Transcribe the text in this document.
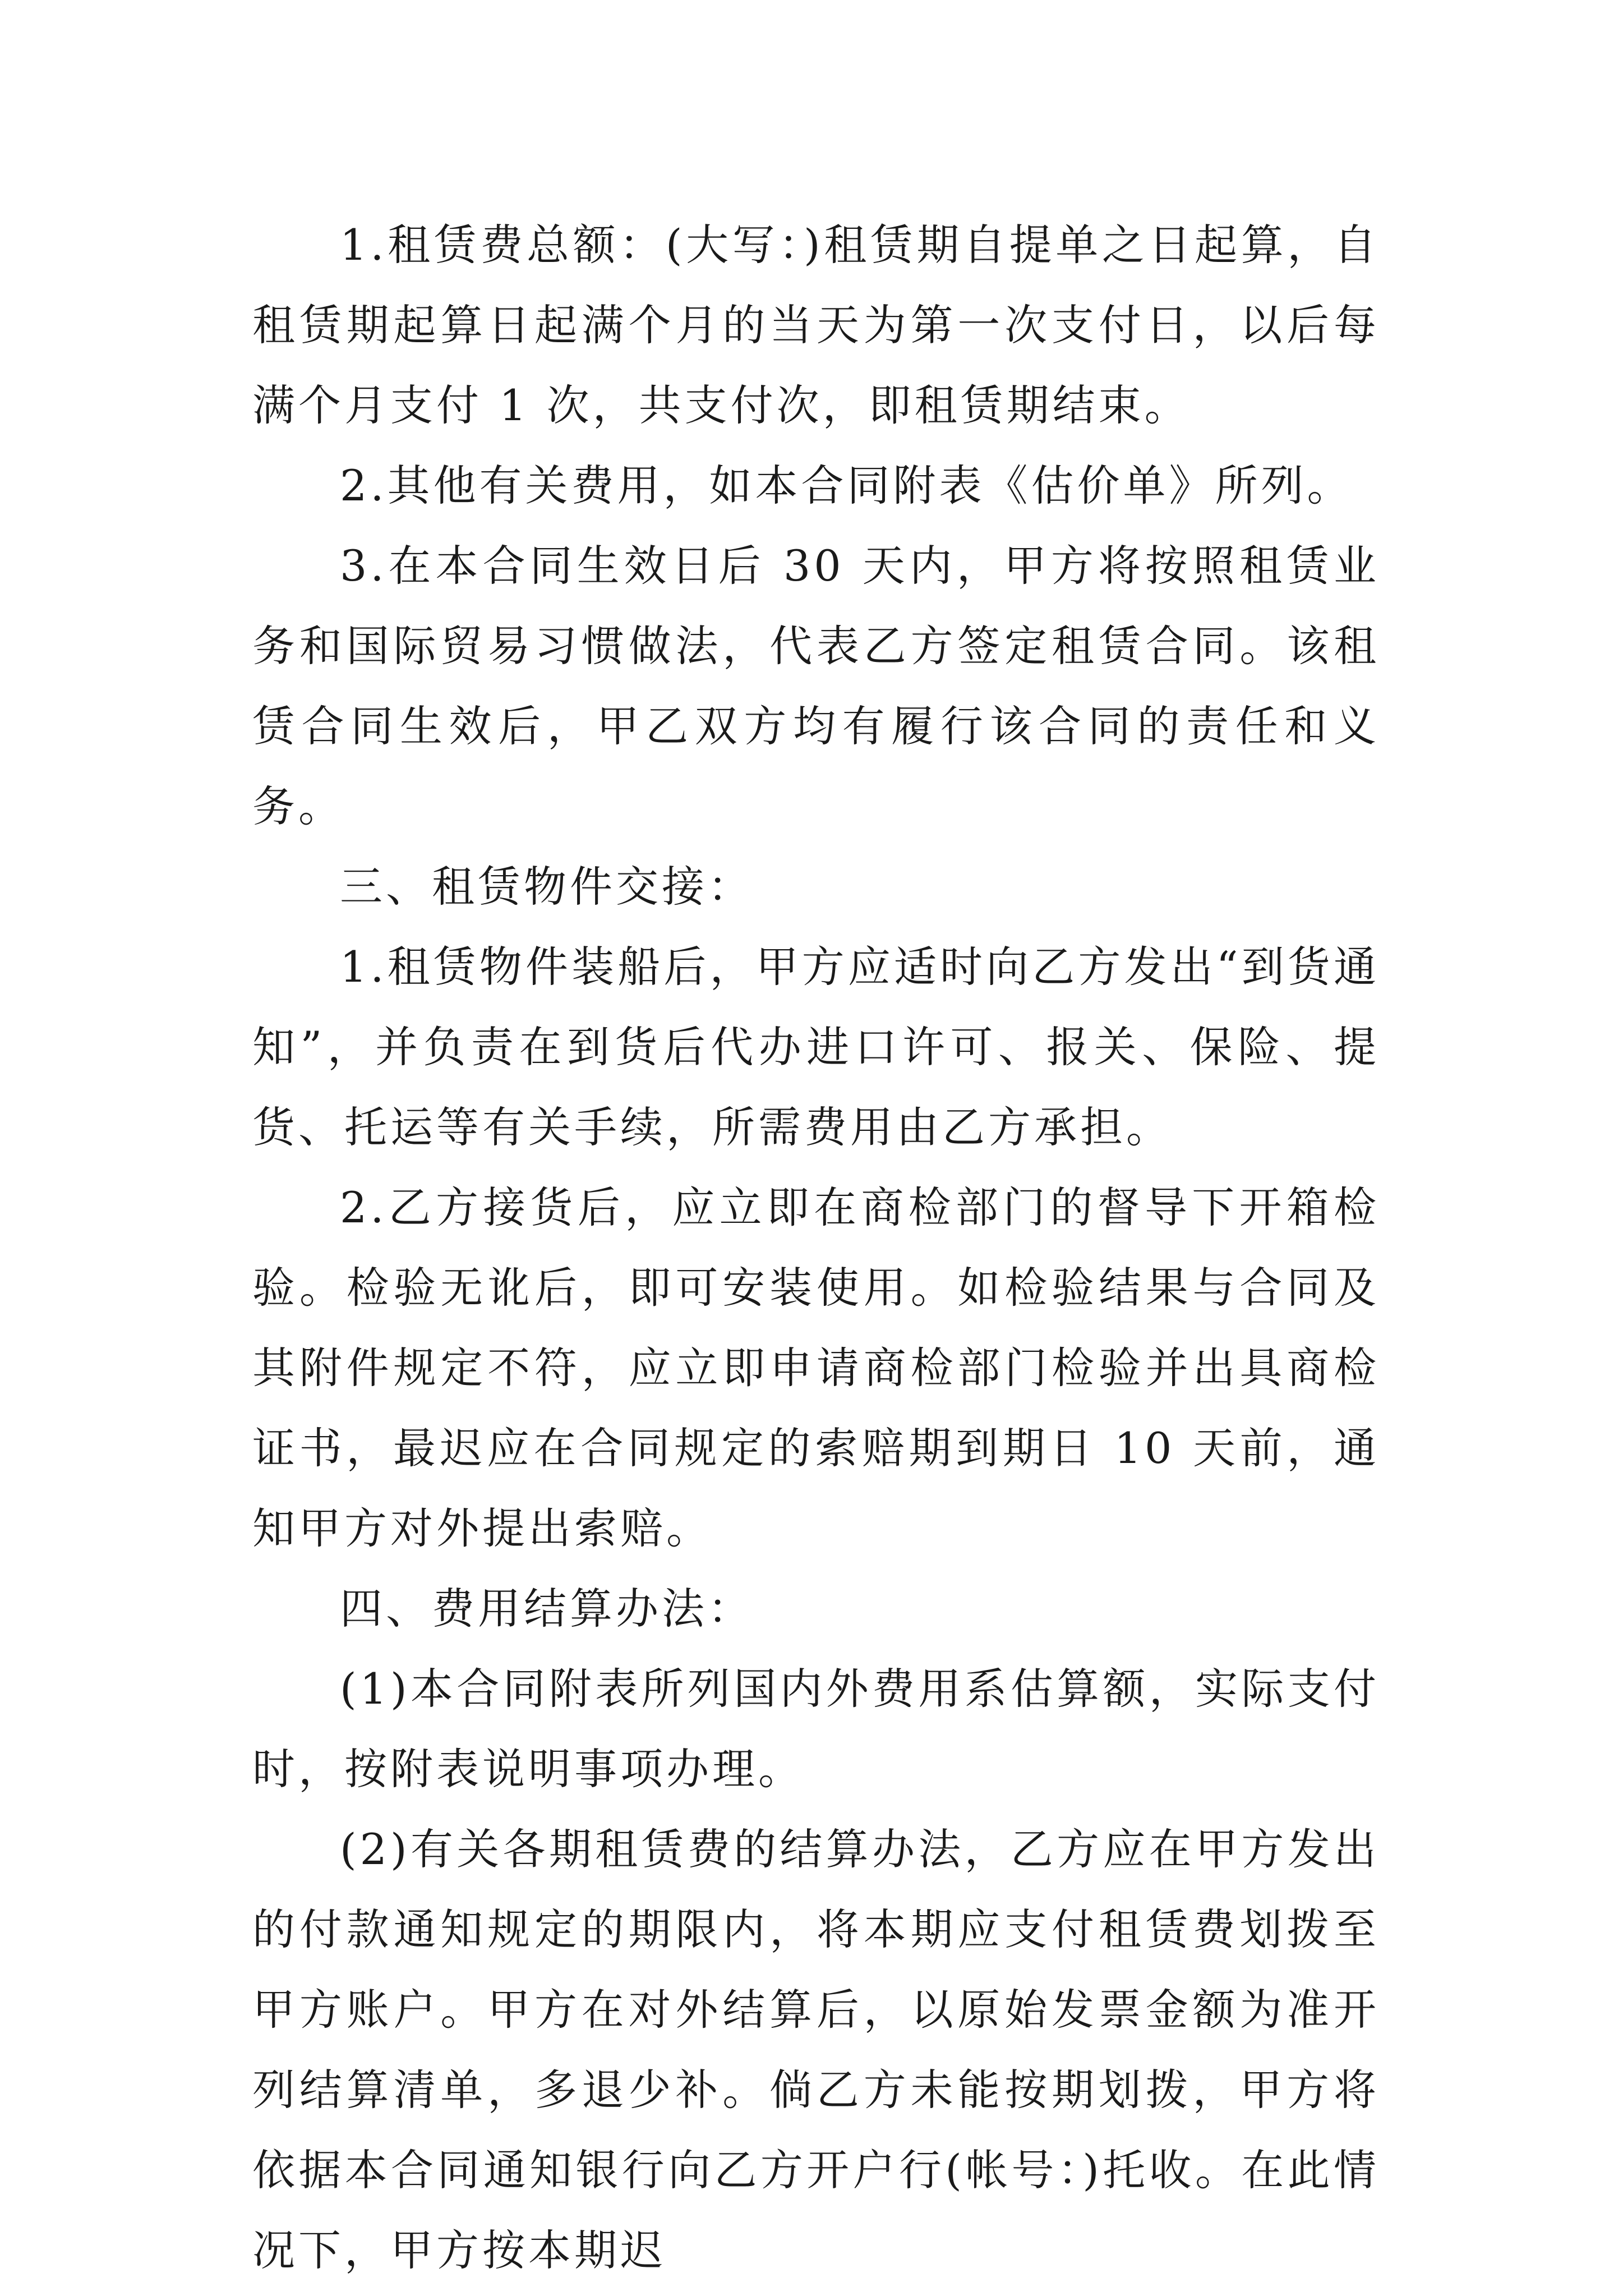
1.租赁费总额：(大写：)租赁期自提单之日起算，自租赁期起算日起满个月的当天为第一次支付日，以后每满个月支付 1 次，共支付次，即租赁期结束。

2.其他有关费用，如本合同附表《估价单》所列。

3.在本合同生效日后 30 天内，甲方将按照租赁业务和国际贸易习惯做法，代表乙方签定租赁合同。该租赁合同生效后，甲乙双方均有履行该合同的责任和义务。

三、租赁物件交接：

1.租赁物件装船后，甲方应适时向乙方发出“到货通知”，并负责在到货后代办进口许可、报关、保险、提货、托运等有关手续，所需费用由乙方承担。

2.乙方接货后，应立即在商检部门的督导下开箱检验。检验无讹后，即可安装使用。如检验结果与合同及其附件规定不符，应立即申请商检部门检验并出具商检证书，最迟应在合同规定的索赔期到期日 10 天前，通知甲方对外提出索赔。

四、费用结算办法：

(1)本合同附表所列国内外费用系估算额，实际支付时，按附表说明事项办理。

(2)有关各期租赁费的结算办法，乙方应在甲方发出的付款通知规定的期限内，将本期应支付租赁费划拨至甲方账户。甲方在对外结算后，以原始发票金额为准开列结算清单，多退少补。倘乙方未能按期划拨，甲方将依据本合同通知银行向乙方开户行(帐号：)托收。在此情况下，甲方按本期迟
